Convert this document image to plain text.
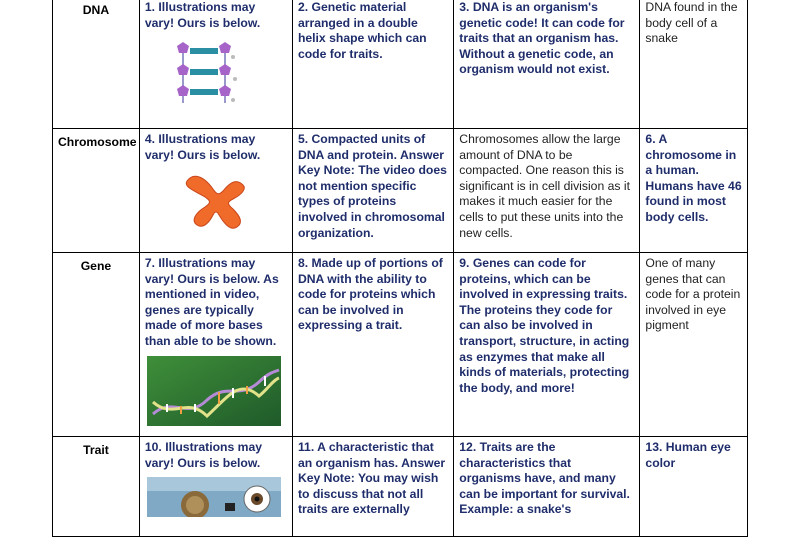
DNA	1. Illustrations may vary! Ours is below.	2. Genetic material arranged in a double helix shape which can code for traits.	3. DNA is an organism's genetic code! It can code for traits that an organism has. Without a genetic code, an organism would not exist.	DNA found in the body cell of a snake
Chromosome	4. Illustrations may vary! Ours is below.	5. Compacted units of DNA and protein. Answer Key Note: The video does not mention specific types of proteins involved in chromosomal organization.	Chromosomes allow the large amount of DNA to be compacted. One reason this is significant is in cell division as it makes it much easier for the cells to put these units into the new cells.	6. A chromosome in a human. Humans have 46 found in most body cells.
Gene	7. Illustrations may vary! Ours is below. As mentioned in video, genes are typically made of more bases than able to be shown.	8. Made up of portions of DNA with the ability to code for proteins which can be involved in expressing a trait.	9. Genes can code for proteins, which can be involved in expressing traits. The proteins they code for can also be involved in transport, structure, in acting as enzymes that make all kinds of materials, protecting the body, and more!	One of many genes that can code for a protein involved in eye pigment
Trait	10. Illustrations may vary! Ours is below.	11. A characteristic that an organism has. Answer Key Note: You may wish to discuss that not all traits are externally	12. Traits are the characteristics that organisms have, and many can be important for survival. Example: a snake's	13. Human eye color
